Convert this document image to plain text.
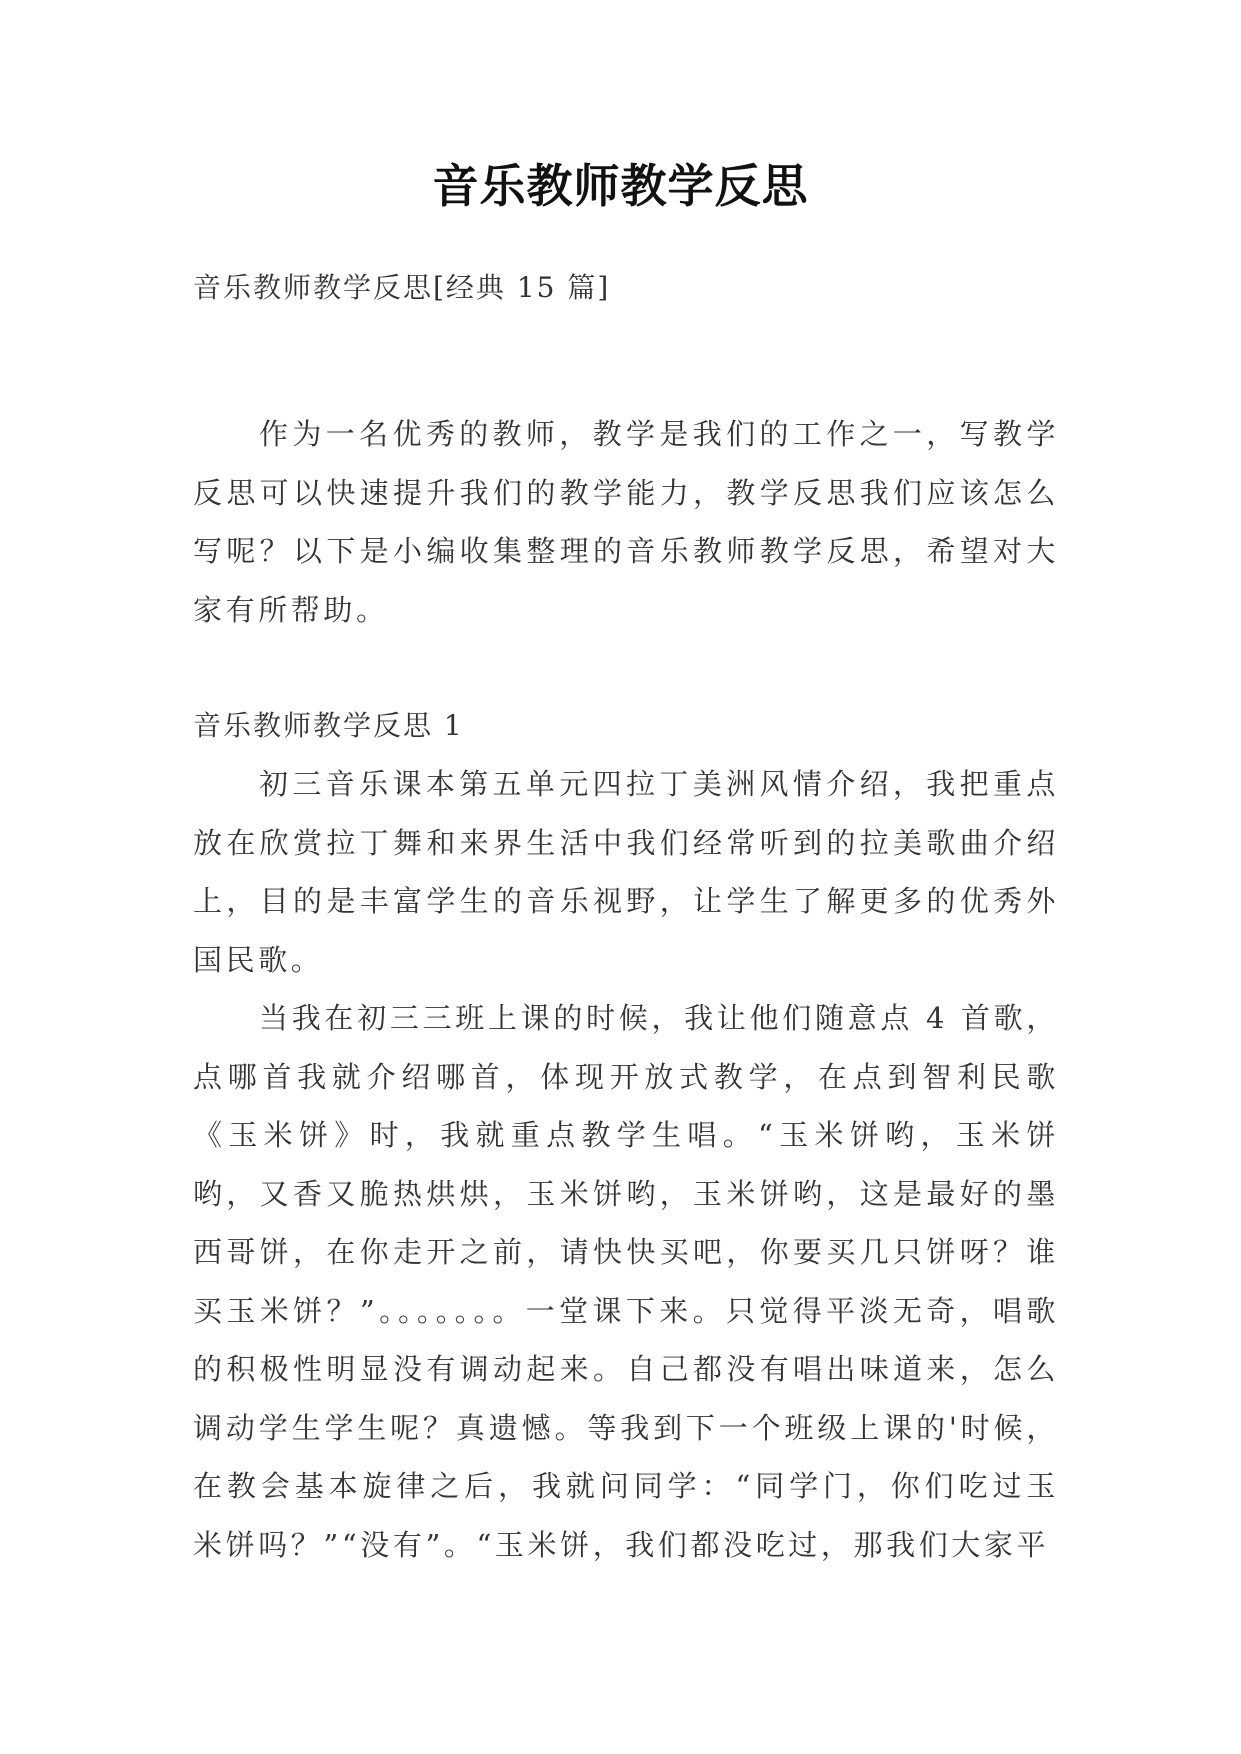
音乐教师教学反思
音乐教师教学反思[经典 15 篇]

作为一名优秀的教师，教学是我们的工作之一，写教学反思可以快速提升我们的教学能力，教学反思我们应该怎么写呢？以下是小编收集整理的音乐教师教学反思，希望对大家有所帮助。

音乐教师教学反思 1

初三音乐课本第五单元四拉丁美洲风情介绍，我把重点放在欣赏拉丁舞和来界生活中我们经常听到的拉美歌曲介绍上，目的是丰富学生的音乐视野，让学生了解更多的优秀外国民歌。

当我在初三三班上课的时候，我让他们随意点 4 首歌，点哪首我就介绍哪首，体现开放式教学，在点到智利民歌《玉米饼》时，我就重点教学生唱。“玉米饼哟，玉米饼哟，又香又脆热烘烘，玉米饼哟，玉米饼哟，这是最好的墨西哥饼，在你走开之前，请快快买吧，你要买几只饼呀？谁买玉米饼？”。。。。。。。一堂课下来。只觉得平淡无奇，唱歌的积极性明显没有调动起来。自己都没有唱出味道来，怎么调动学生学生呢？真遗憾。等我到下一个班级上课的'时候，在教会基本旋律之后，我就问同学：“同学门，你们吃过玉米饼吗？”“没有”。“玉米饼，我们都没吃过，那我们大家平
